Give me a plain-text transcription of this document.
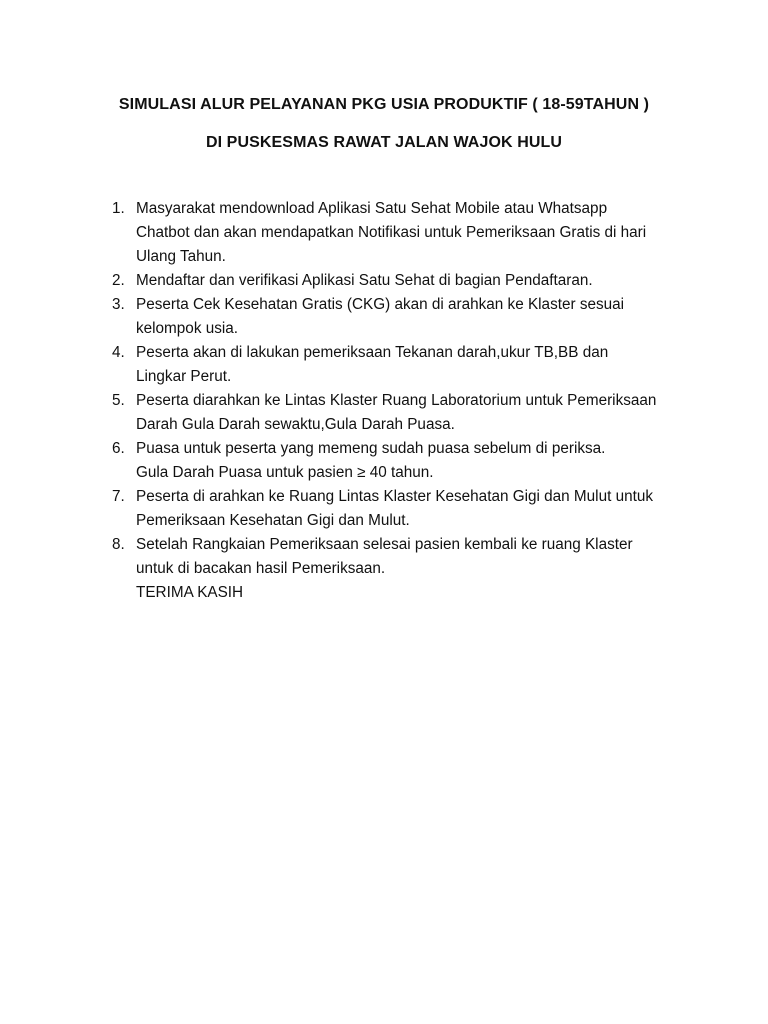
SIMULASI ALUR PELAYANAN PKG USIA PRODUKTIF ( 18-59TAHUN )
DI PUSKESMAS RAWAT JALAN WAJOK HULU
1. Masyarakat mendownload Aplikasi Satu Sehat Mobile atau Whatsapp
Chatbot dan akan mendapatkan Notifikasi untuk Pemeriksaan Gratis di hari
Ulang Tahun.
2. Mendaftar dan verifikasi Aplikasi Satu Sehat di bagian Pendaftaran.
3. Peserta Cek Kesehatan Gratis (CKG) akan di arahkan ke Klaster sesuai
kelompok usia.
4. Peserta akan di lakukan pemeriksaan Tekanan darah,ukur TB,BB dan
Lingkar Perut.
5. Peserta diarahkan ke Lintas Klaster Ruang Laboratorium untuk Pemeriksaan
Darah Gula Darah sewaktu,Gula Darah Puasa.
6. Puasa untuk peserta yang memeng sudah puasa sebelum di periksa.
Gula Darah Puasa untuk pasien ≥ 40 tahun.
7. Peserta di arahkan ke Ruang Lintas Klaster Kesehatan Gigi dan Mulut untuk
Pemeriksaan Kesehatan Gigi dan Mulut.
8. Setelah Rangkaian Pemeriksaan selesai pasien kembali ke ruang Klaster
untuk di bacakan hasil Pemeriksaan.
TERIMA KASIH
